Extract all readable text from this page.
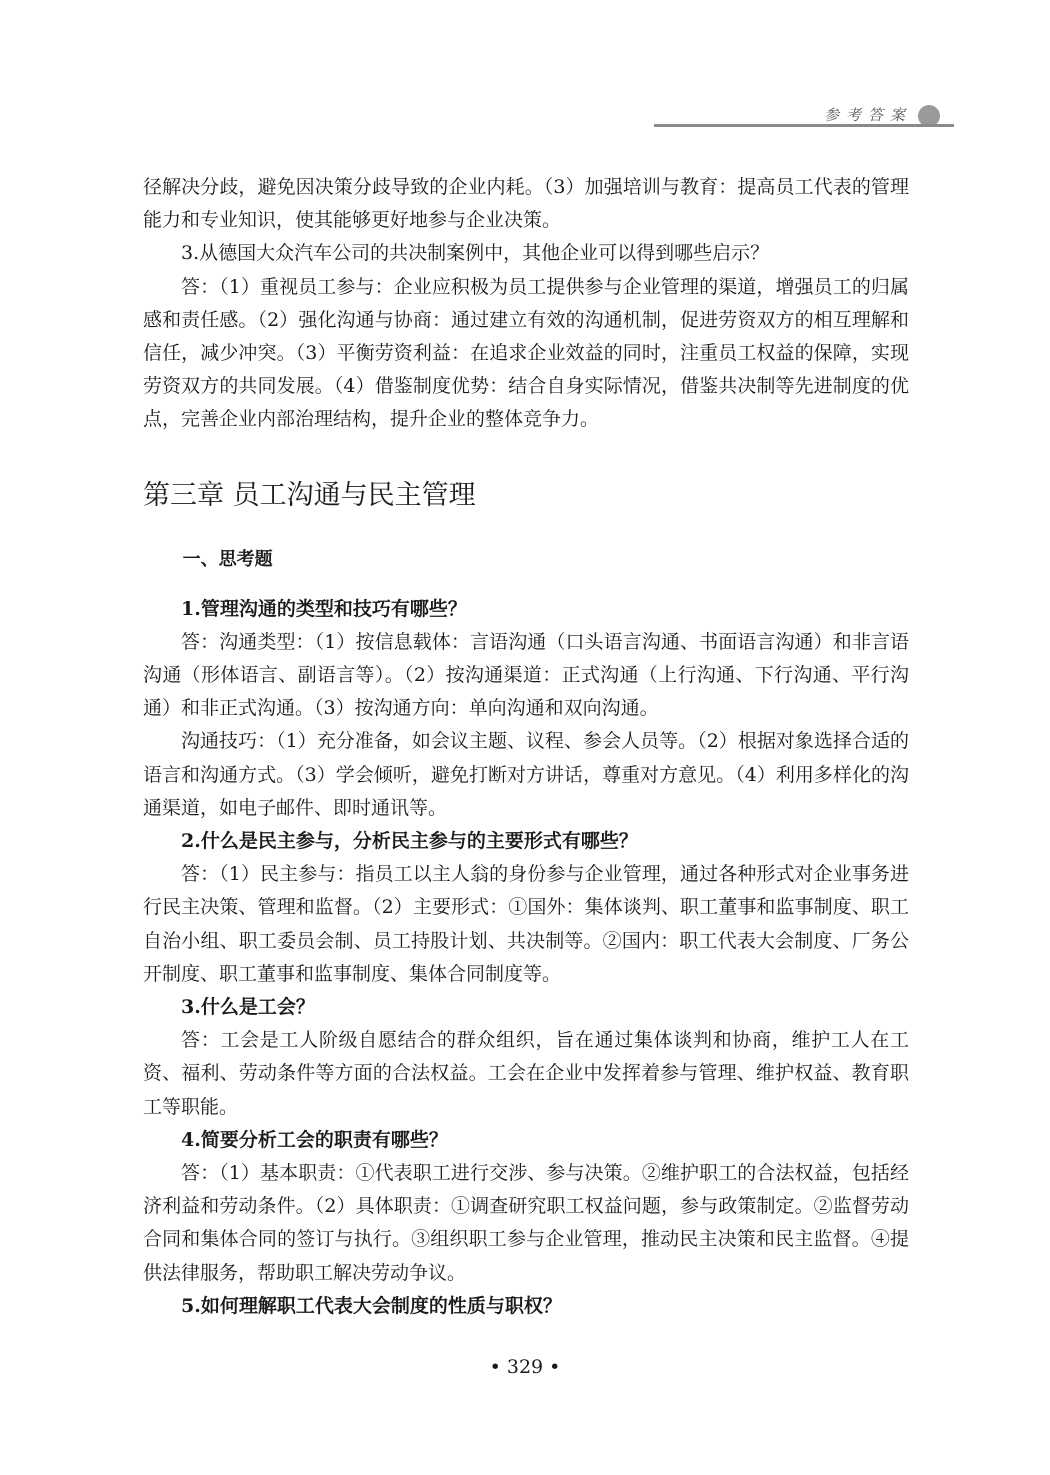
参考答案

径解决分歧，避免因决策分歧导致的企业内耗。（3）加强培训与教育：提高员工代表的管理能力和专业知识，使其能够更好地参与企业决策。

3.从德国大众汽车公司的共决制案例中，其他企业可以得到哪些启示？

答：（1）重视员工参与：企业应积极为员工提供参与企业管理的渠道，增强员工的归属感和责任感。（2）强化沟通与协商：通过建立有效的沟通机制，促进劳资双方的相互理解和信任，减少冲突。（3）平衡劳资利益：在追求企业效益的同时，注重员工权益的保障，实现劳资双方的共同发展。（4）借鉴制度优势：结合自身实际情况，借鉴共决制等先进制度的优点，完善企业内部治理结构，提升企业的整体竞争力。

第三章 员工沟通与民主管理
一、思考题

1.管理沟通的类型和技巧有哪些？

答：沟通类型：（1）按信息载体：言语沟通（口头语言沟通、书面语言沟通）和非言语沟通（形体语言、副语言等）。（2）按沟通渠道：正式沟通（上行沟通、下行沟通、平行沟通）和非正式沟通。（3）按沟通方向：单向沟通和双向沟通。

沟通技巧：（1）充分准备，如会议主题、议程、参会人员等。（2）根据对象选择合适的语言和沟通方式。（3）学会倾听，避免打断对方讲话，尊重对方意见。（4）利用多样化的沟通渠道，如电子邮件、即时通讯等。

2.什么是民主参与，分析民主参与的主要形式有哪些？

答：（1）民主参与：指员工以主人翁的身份参与企业管理，通过各种形式对企业事务进行民主决策、管理和监督。（2）主要形式：①国外：集体谈判、职工董事和监事制度、职工自治小组、职工委员会制、员工持股计划、共决制等。②国内：职工代表大会制度、厂务公开制度、职工董事和监事制度、集体合同制度等。

3.什么是工会？

答：工会是工人阶级自愿结合的群众组织，旨在通过集体谈判和协商，维护工人在工资、福利、劳动条件等方面的合法权益。工会在企业中发挥着参与管理、维护权益、教育职工等职能。

4.简要分析工会的职责有哪些？

答：（1）基本职责：①代表职工进行交涉、参与决策。②维护职工的合法权益，包括经济利益和劳动条件。（2）具体职责：①调查研究职工权益问题，参与政策制定。②监督劳动合同和集体合同的签订与执行。③组织职工参与企业管理，推动民主决策和民主监督。④提供法律服务，帮助职工解决劳动争议。

5.如何理解职工代表大会制度的性质与职权？

• 329 •
